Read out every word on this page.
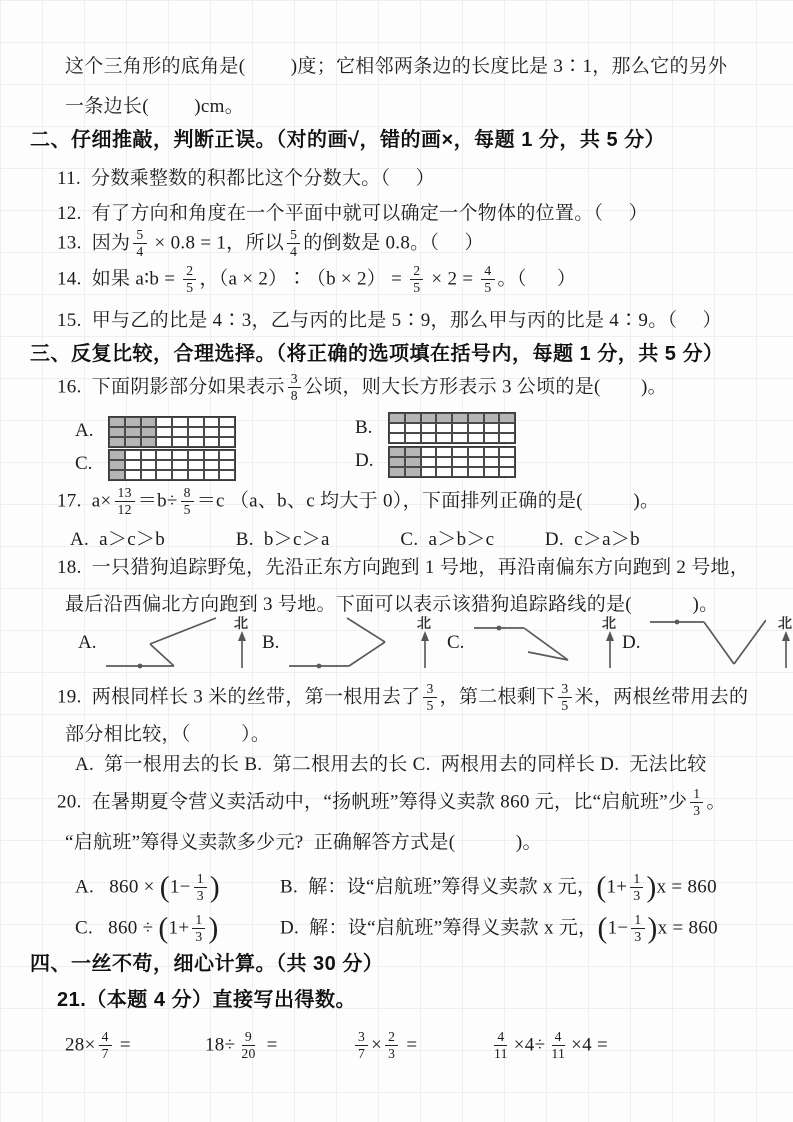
这个三角形的底角是(         )度；它相邻两条边的长度比是 3∶1，那么它的另外
一条边长(         )cm。
二、仔细推敲，判断正误。（对的画√，错的画×，每题 1 分，共 5 分）
11.  分数乘整数的积都比这个分数大。（     ）
12.  有了方向和角度在一个平面中就可以确定一个物体的位置。（     ）
13.  因为 $\frac{5}{4} \times 0.8 = 1$，所以 $\frac{5}{4}$ 的倒数是 0.8。（     ）
14.  如果 a∶b = $\frac{2}{5}$ ，（a × 2）∶（b × $2) = \frac{2}{5} \times 2 = \frac{4}{5}$ 。（      ）
15.  甲与乙的比是 4∶3，乙与丙的比是 5∶9，那么甲与丙的比是 4∶9。（     ）
三、反复比较，合理选择。（将正确的选项填在括号内，每题 1 分，共 5 分）
16.  下面阴影部分如果表示 $\frac{3}{8}$ 公顷，则大长方形表示 3 公顷的是(        )。
A.	B.
C.	D.
17.  $a\times \frac{13}{12} =b\div \frac{8}{5} =c$ （a、b、c 均大于 0），下面排列正确的是(          )。
A.  a＞c＞b              B.  b＞c＞a              C.  a＞b＞c          D.  c＞a＞b
18.  一只猎狗追踪野兔，先沿正东方向跑到 1 号地，再沿南偏东方向跑到 2 号地，
最后沿西偏北方向跑到 3 号地。下面可以表示该猎狗追踪路线的是(            )。
A.
北
B.
北
C.
北
D.
北
19.  两根同样长 3 米的丝带，第一根用去了 $\frac{3}{5}$ ，第二根剩下 $\frac{3}{5}$ 米，两根丝带用去的
部分相比较，（          ）。
A.  第一根用去的长 B.  第二根用去的长 C.  两根用去的同样长 D.  无法比较
20.  在暑期夏令营义卖活动中，“扬帆班”筹得义卖款 860 元，比“启航班”少 $\frac{1}{3}$ 。
“启航班”筹得义卖款多少元?  正确解答方式是(            )。
A.   $860 \times (1- \frac{1}{3}$ )	B.  解：设“启航班”筹得义卖款 x 元，$(1+ \frac{1}{3} )x = 860$
C.   $860 \div (1+ \frac{1}{3}$ )	D.  解：设“启航班”筹得义卖款 x 元，$(1- \frac{1}{3} )x = 860$
四、一丝不苟，细心计算。（共 30 分）
21.（本题 4 分）直接写出得数。
$28\times \frac{4}{7}$ =	$18\div \frac{9}{20}$ =	$\frac{3}{7} \times \frac{2}{3}$ =	$\frac{4}{11} \times 4\div \frac{4}{11} \times 4$ =
